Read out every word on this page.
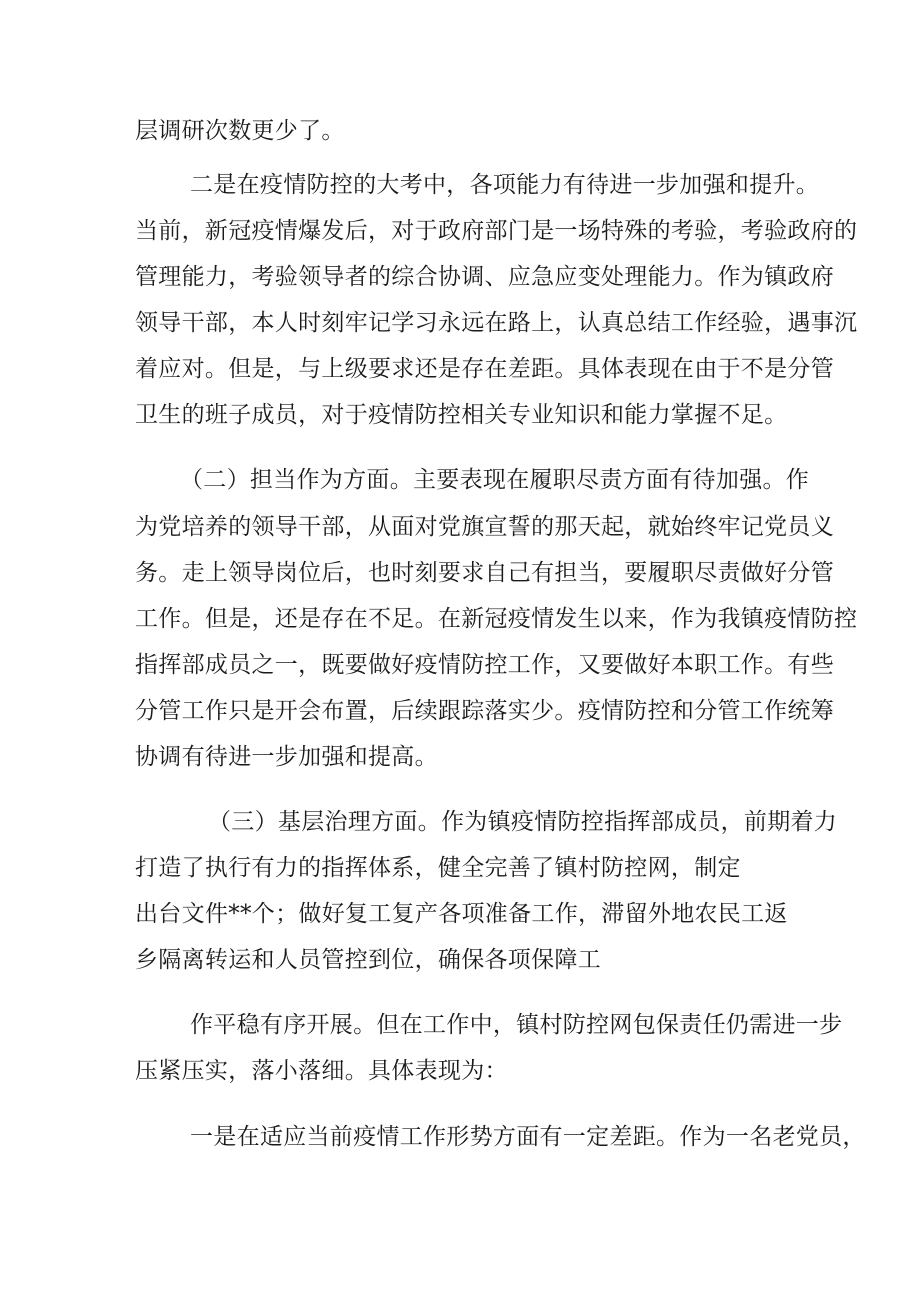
层调研次数更少了。
二是在疫情防控的大考中，各项能力有待进一步加强和提升。
当前，新冠疫情爆发后，对于政府部门是一场特殊的考验，考验政府的
管理能力，考验领导者的综合协调、应急应变处理能力。作为镇政府
领导干部，本人时刻牢记学习永远在路上，认真总结工作经验，遇事沉
着应对。但是，与上级要求还是存在差距。具体表现在由于不是分管
卫生的班子成员，对于疫情防控相关专业知识和能力掌握不足。
（二）担当作为方面。主要表现在履职尽责方面有待加强。作
为党培养的领导干部，从面对党旗宣誓的那天起，就始终牢记党员义
务。走上领导岗位后，也时刻要求自己有担当，要履职尽责做好分管
工作。但是，还是存在不足。在新冠疫情发生以来，作为我镇疫情防控
指挥部成员之一，既要做好疫情防控工作，又要做好本职工作。有些
分管工作只是开会布置，后续跟踪落实少。疫情防控和分管工作统筹
协调有待进一步加强和提高。
（三）基层治理方面。作为镇疫情防控指挥部成员，前期着力
打造了执行有力的指挥体系，健全完善了镇村防控网，制定
出台文件**个；做好复工复产各项准备工作，滞留外地农民工返
乡隔离转运和人员管控到位，确保各项保障工
作平稳有序开展。但在工作中，镇村防控网包保责任仍需进一步
压紧压实，落小落细。具体表现为：
一是在适应当前疫情工作形势方面有一定差距。作为一名老党员，
